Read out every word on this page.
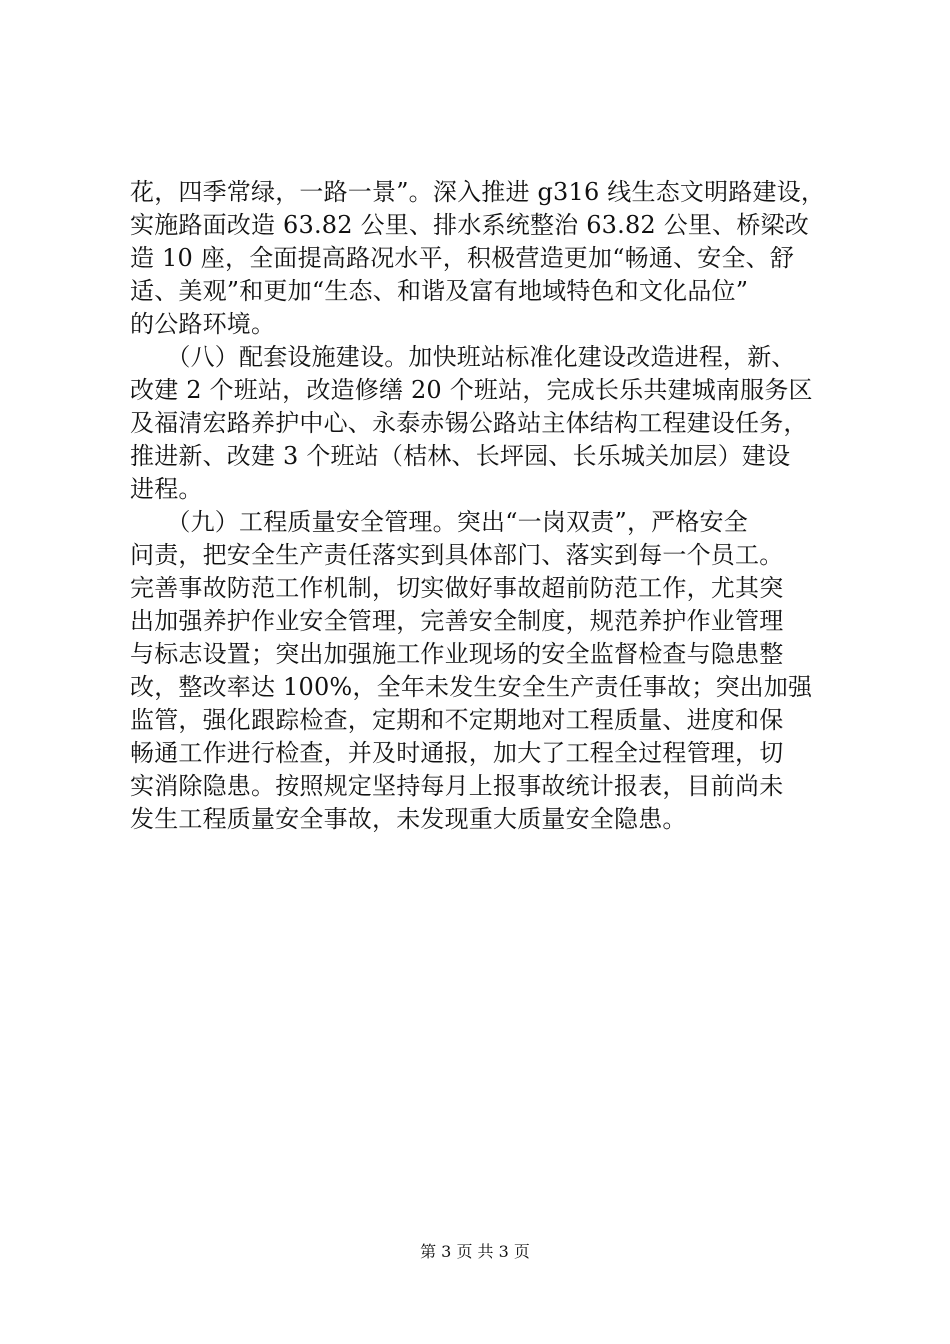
花，四季常绿，一路一景”。深入推进 g316 线生态文明路建设，
实施路面改造 63.82 公里、排水系统整治 63.82 公里、桥梁改
造 10 座，全面提高路况水平，积极营造更加“畅通、安全、舒
适、美观”和更加“生态、和谐及富有地域特色和文化品位”
的公路环境。
　　（八）配套设施建设。加快班站标准化建设改造进程，新、
改建 2 个班站，改造修缮 20 个班站，完成长乐共建城南服务区
及福清宏路养护中心、永泰赤锡公路站主体结构工程建设任务，
推进新、改建 3 个班站（桔林、长坪园、长乐城关加层）建设
进程。
　　（九）工程质量安全管理。突出“一岗双责”，严格安全
问责，把安全生产责任落实到具体部门、落实到每一个员工。
完善事故防范工作机制，切实做好事故超前防范工作，尤其突
出加强养护作业安全管理，完善安全制度，规范养护作业管理
与标志设置；突出加强施工作业现场的安全监督检查与隐患整
改，整改率达 100%，全年未发生安全生产责任事故；突出加强
监管，强化跟踪检查，定期和不定期地对工程质量、进度和保
畅通工作进行检查，并及时通报，加大了工程全过程管理，切
实消除隐患。按照规定坚持每月上报事故统计报表，目前尚未
发生工程质量安全事故，未发现重大质量安全隐患。
第 3 页 共 3 页
